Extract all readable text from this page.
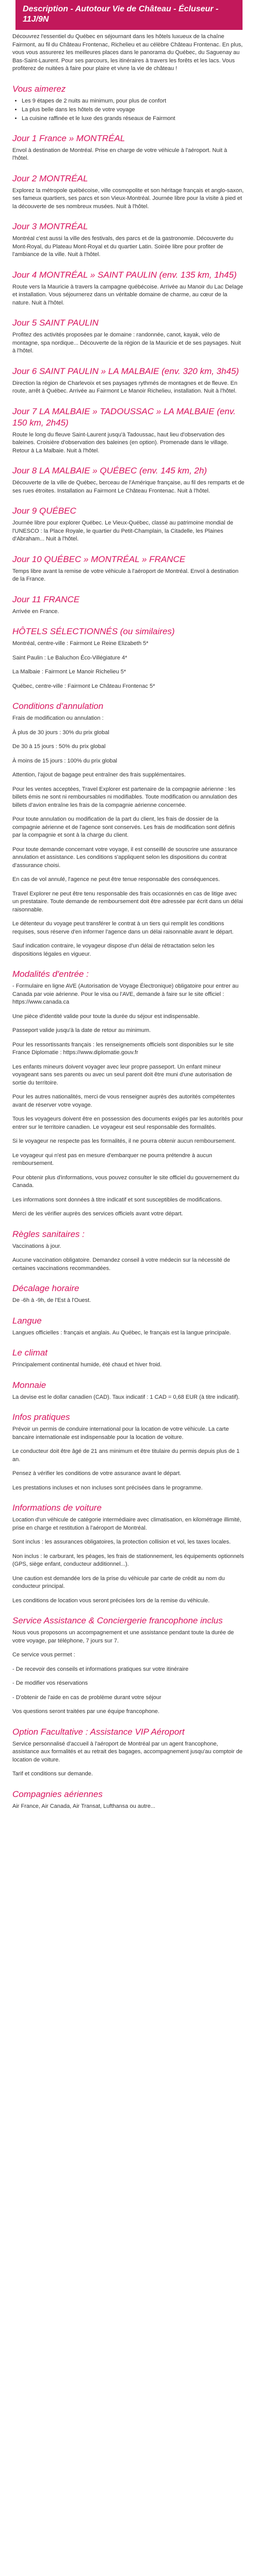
Description - Autotour Vie de Château - Écluseur - 11J/9N

Découvrez l'essentiel du Québec en séjournant dans les hôtels luxueux de la chaîne Fairmont, au fil du Château Frontenac, Richelieu et au célèbre Château Frontenac. En plus, vous vous assurerez les meilleures places dans le panorama du Québec, du Saguenay au Bas-Saint-Laurent. Pour ses parcours, les itinéraires à travers les forêts et les lacs. Vous profiterez de nuitées à faire pour plaire et vivre la vie de château !

Vous aimerez
• Les 9 étapes de 2 nuits au minimum, pour plus de confort
• La plus belle dans les hôtels de votre voyage
• La cuisine raffinée et le luxe des grands réseaux de Fairmont
Jour 1 France » MONTRÉAL

Envol à destination de Montréal. Prise en charge de votre véhicule à l'aéroport. Nuit à l'hôtel.

Jour 2 MONTRÉAL

Explorez la métropole québécoise, ville cosmopolite et son héritage français et anglo-saxon, ses fameux quartiers, ses parcs et son Vieux-Montréal. Journée libre pour la visite à pied et la découverte de ses nombreux musées. Nuit à l'hôtel.

Jour 3 MONTRÉAL

Montréal c'est aussi la ville des festivals, des parcs et de la gastronomie. Découverte du Mont-Royal, du Plateau Mont-Royal et du quartier Latin. Soirée libre pour profiter de l'ambiance de la ville. Nuit à l'hôtel.

Jour 4 MONTRÉAL » SAINT PAULIN (env. 135 km, 1h45)

Route vers la Mauricie à travers la campagne québécoise. Arrivée au Manoir du Lac Delage et installation. Vous séjournerez dans un véritable domaine de charme, au cœur de la nature. Nuit à l'hôtel.

Jour 5 SAINT PAULIN

Profitez des activités proposées par le domaine : randonnée, canot, kayak, vélo de montagne, spa nordique... Découverte de la région de la Mauricie et de ses paysages. Nuit à l'hôtel.

Jour 6 SAINT PAULIN » LA MALBAIE (env. 320 km, 3h45)

Direction la région de Charlevoix et ses paysages rythmés de montagnes et de fleuve. En route, arrêt à Québec. Arrivée au Fairmont Le Manoir Richelieu, installation. Nuit à l'hôtel.

Jour 7 LA MALBAIE » TADOUSSAC » LA MALBAIE (env. 150 km, 2h45)

Route le long du fleuve Saint-Laurent jusqu'à Tadoussac, haut lieu d'observation des baleines. Croisière d'observation des baleines (en option). Promenade dans le village. Retour à La Malbaie. Nuit à l'hôtel.

Jour 8 LA MALBAIE » QUÉBEC (env. 145 km, 2h)

Découverte de la ville de Québec, berceau de l'Amérique française, au fil des remparts et de ses rues étroites. Installation au Fairmont Le Château Frontenac. Nuit à l'hôtel.

Jour 9 QUÉBEC

Journée libre pour explorer Québec. Le Vieux-Québec, classé au patrimoine mondial de l'UNESCO : la Place Royale, le quartier du Petit-Champlain, la Citadelle, les Plaines d'Abraham... Nuit à l'hôtel.

Jour 10 QUÉBEC » MONTRÉAL » FRANCE

Temps libre avant la remise de votre véhicule à l'aéroport de Montréal. Envol à destination de la France.

Jour 11 FRANCE

Arrivée en France.

HÔTELS SÉLECTIONNÉS (ou similaires)

Montréal, centre-ville : Fairmont Le Reine Elizabeth 5*

Saint Paulin : Le Baluchon Éco-Villégiature 4*

La Malbaie : Fairmont Le Manoir Richelieu 5*

Québec, centre-ville : Fairmont Le Château Frontenac 5*

Conditions d'annulation

Frais de modification ou annulation :

À plus de 30 jours : 30% du prix global

De 30 à 15 jours : 50% du prix global

À moins de 15 jours : 100% du prix global

Attention, l'ajout de bagage peut entraîner des frais supplémentaires.

Pour les ventes acceptées, Travel Explorer est partenaire de la compagnie aérienne : les billets émis ne sont ni remboursables ni modifiables. Toute modification ou annulation des billets d'avion entraîne les frais de la compagnie aérienne concernée.

Pour toute annulation ou modification de la part du client, les frais de dossier de la compagnie aérienne et de l'agence sont conservés. Les frais de modification sont définis par la compagnie et sont à la charge du client.

Pour toute demande concernant votre voyage, il est conseillé de souscrire une assurance annulation et assistance. Les conditions s'appliquent selon les dispositions du contrat d'assurance choisi.

En cas de vol annulé, l'agence ne peut être tenue responsable des conséquences.

Travel Explorer ne peut être tenu responsable des frais occasionnés en cas de litige avec un prestataire. Toute demande de remboursement doit être adressée par écrit dans un délai raisonnable.

Le détenteur du voyage peut transférer le contrat à un tiers qui remplit les conditions requises, sous réserve d'en informer l'agence dans un délai raisonnable avant le départ.

Sauf indication contraire, le voyageur dispose d'un délai de rétractation selon les dispositions légales en vigueur.

Modalités d'entrée :

- Formulaire en ligne AVE (Autorisation de Voyage Électronique) obligatoire pour entrer au Canada par voie aérienne. Pour le visa ou l'AVE, demande à faire sur le site officiel : https://www.canada.ca

Une pièce d'identité valide pour toute la durée du séjour est indispensable.

Passeport valide jusqu'à la date de retour au minimum.

Pour les ressortissants français : les renseignements officiels sont disponibles sur le site France Diplomatie : https://www.diplomatie.gouv.fr

Les enfants mineurs doivent voyager avec leur propre passeport. Un enfant mineur voyageant sans ses parents ou avec un seul parent doit être muni d'une autorisation de sortie du territoire.

Pour les autres nationalités, merci de vous renseigner auprès des autorités compétentes avant de réserver votre voyage.

Tous les voyageurs doivent être en possession des documents exigés par les autorités pour entrer sur le territoire canadien. Le voyageur est seul responsable des formalités.

Si le voyageur ne respecte pas les formalités, il ne pourra obtenir aucun remboursement.

Le voyageur qui n'est pas en mesure d'embarquer ne pourra prétendre à aucun remboursement.

Pour obtenir plus d'informations, vous pouvez consulter le site officiel du gouvernement du Canada.

Les informations sont données à titre indicatif et sont susceptibles de modifications.

Merci de les vérifier auprès des services officiels avant votre départ.

Règles sanitaires :

Vaccinations à jour.

Aucune vaccination obligatoire. Demandez conseil à votre médecin sur la nécessité de certaines vaccinations recommandées.

Décalage horaire

De -6h à -9h, de l'Est à l'Ouest.

Langue

Langues officielles : français et anglais. Au Québec, le français est la langue principale.

Le climat

Principalement continental humide, été chaud et hiver froid.

Monnaie

La devise est le dollar canadien (CAD). Taux indicatif : 1 CAD = 0,68 EUR (à titre indicatif).

Infos pratiques

Prévoir un permis de conduire international pour la location de votre véhicule. La carte bancaire internationale est indispensable pour la location de voiture.

Le conducteur doit être âgé de 21 ans minimum et être titulaire du permis depuis plus de 1 an.

Pensez à vérifier les conditions de votre assurance avant le départ.

Les prestations incluses et non incluses sont précisées dans le programme.

Informations de voiture

Location d'un véhicule de catégorie intermédiaire avec climatisation, en kilométrage illimité, prise en charge et restitution à l'aéroport de Montréal.

Sont inclus : les assurances obligatoires, la protection collision et vol, les taxes locales.

Non inclus : le carburant, les péages, les frais de stationnement, les équipements optionnels (GPS, siège enfant, conducteur additionnel...).

Une caution est demandée lors de la prise du véhicule par carte de crédit au nom du conducteur principal.

Les conditions de location vous seront précisées lors de la remise du véhicule.

Service Assistance & Conciergerie francophone inclus

Nous vous proposons un accompagnement et une assistance pendant toute la durée de votre voyage, par téléphone, 7 jours sur 7.

Ce service vous permet :

- De recevoir des conseils et informations pratiques sur votre itinéraire

- De modifier vos réservations

- D'obtenir de l'aide en cas de problème durant votre séjour

Vos questions seront traitées par une équipe francophone.

Option Facultative : Assistance VIP Aéroport

Service personnalisé d'accueil à l'aéroport de Montréal par un agent francophone, assistance aux formalités et au retrait des bagages, accompagnement jusqu'au comptoir de location de voiture.

Tarif et conditions sur demande.

Compagnies aériennes

Air France, Air Canada, Air Transat, Lufthansa ou autre...
